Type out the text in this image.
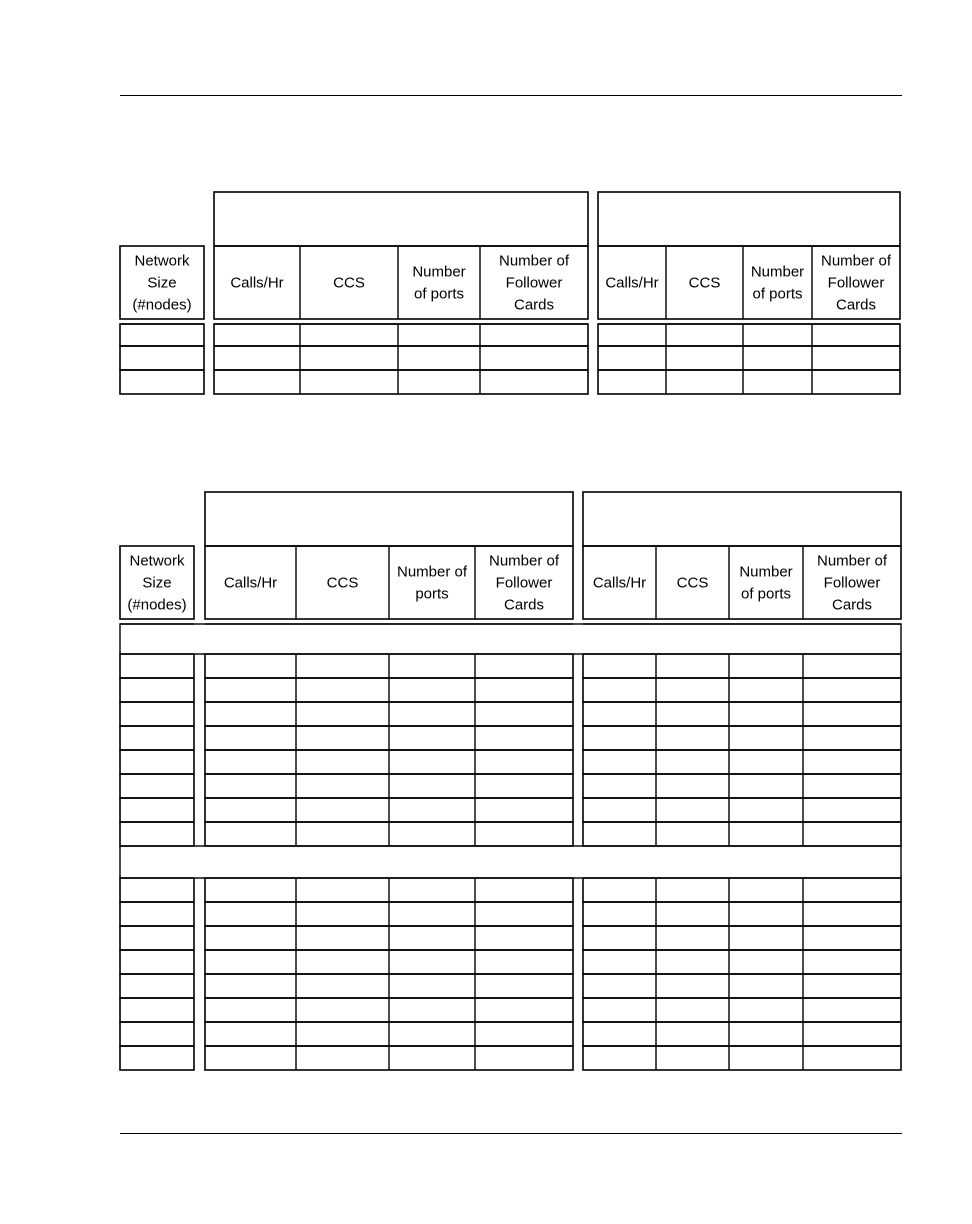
Network
Size
(#nodes)
Calls/Hr	CCS
Number
of ports
Number of
Follower
Cards
Calls/Hr CCS
Number
of ports
Number of
Follower
Cards
Network
Size
(#nodes)
Calls/Hr	CCS
Number of
ports
Number of
Follower
Cards
Calls/Hr CCS
Number
of ports
Number of
Follower
Cards
